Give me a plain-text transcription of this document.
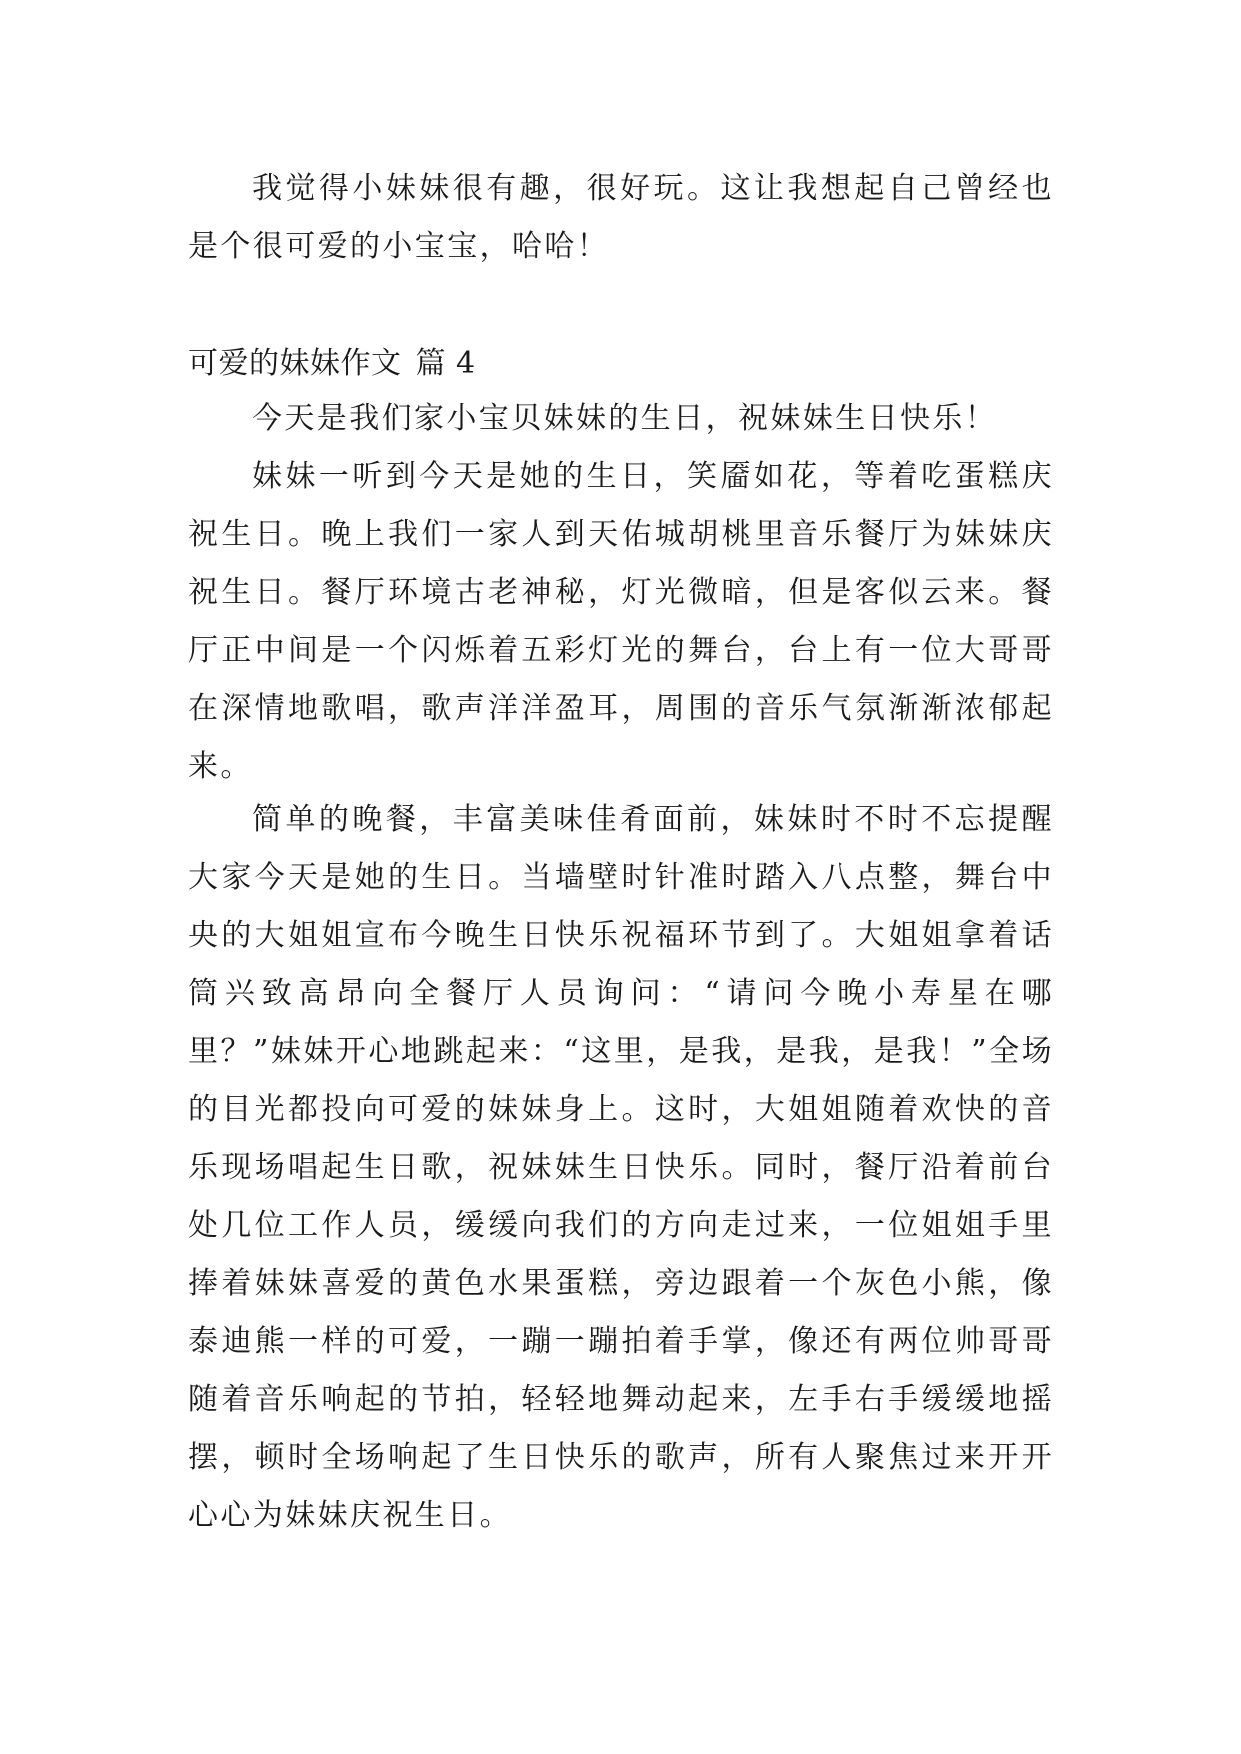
我觉得小妹妹很有趣，很好玩。这让我想起自己曾经也是个很可爱的小宝宝，哈哈！

可爱的妹妹作文 篇 4

今天是我们家小宝贝妹妹的生日，祝妹妹生日快乐！

妹妹一听到今天是她的生日，笑靥如花，等着吃蛋糕庆祝生日。晚上我们一家人到天佑城胡桃里音乐餐厅为妹妹庆祝生日。餐厅环境古老神秘，灯光微暗，但是客似云来。餐厅正中间是一个闪烁着五彩灯光的舞台，台上有一位大哥哥在深情地歌唱，歌声洋洋盈耳，周围的音乐气氛渐渐浓郁起来。

简单的晚餐，丰富美味佳肴面前，妹妹时不时不忘提醒大家今天是她的生日。当墙壁时针准时踏入八点整，舞台中央的大姐姐宣布今晚生日快乐祝福环节到了。大姐姐拿着话筒兴致高昂向全餐厅人员询问：“请问今晚小寿星在哪里？”妹妹开心地跳起来：“这里，是我，是我，是我！”全场的目光都投向可爱的妹妹身上。这时，大姐姐随着欢快的音乐现场唱起生日歌，祝妹妹生日快乐。同时，餐厅沿着前台处几位工作人员，缓缓向我们的方向走过来，一位姐姐手里捧着妹妹喜爱的黄色水果蛋糕，旁边跟着一个灰色小熊，像泰迪熊一样的可爱，一蹦一蹦拍着手掌，像还有两位帅哥哥随着音乐响起的节拍，轻轻地舞动起来，左手右手缓缓地摇摆，顿时全场响起了生日快乐的歌声，所有人聚焦过来开开心心为妹妹庆祝生日。
